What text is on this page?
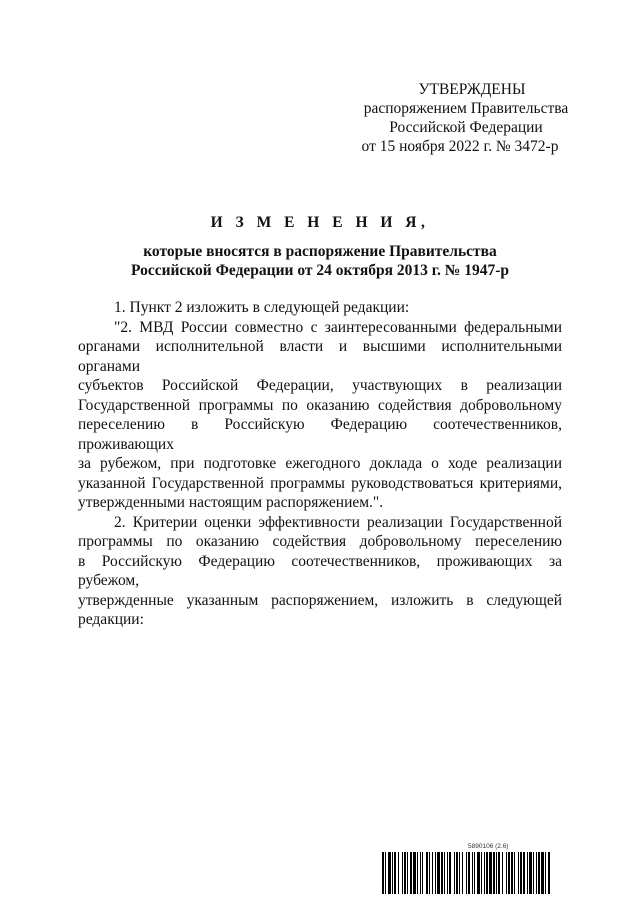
УТВЕРЖДЕНЫ
распоряжением Правительства
Российской Федерации
от 15 ноября 2022 г. № 3472-р
И З М Е Н Е Н И Я,
которые вносятся в распоряжение Правительства
Российской Федерации от 24 октября 2013 г. № 1947-р

1. Пункт 2 изложить в следующей редакции:

"2. МВД России совместно с заинтересованными федеральными
органами исполнительной власти и высшими исполнительными органами
субъектов Российской Федерации, участвующих в реализации
Государственной программы по оказанию содействия добровольному
переселению в Российскую Федерацию соотечественников, проживающих
за рубежом, при подготовке ежегодного доклада о ходе реализации
указанной Государственной программы руководствоваться критериями,
утвержденными настоящим распоряжением.".
2. Критерии оценки эффективности реализации Государственной
программы по оказанию содействия добровольному переселению
в Российскую Федерацию соотечественников, проживающих за рубежом,
утвержденные указанным распоряжением, изложить в следующей
редакции:
5890106 (2.6)
